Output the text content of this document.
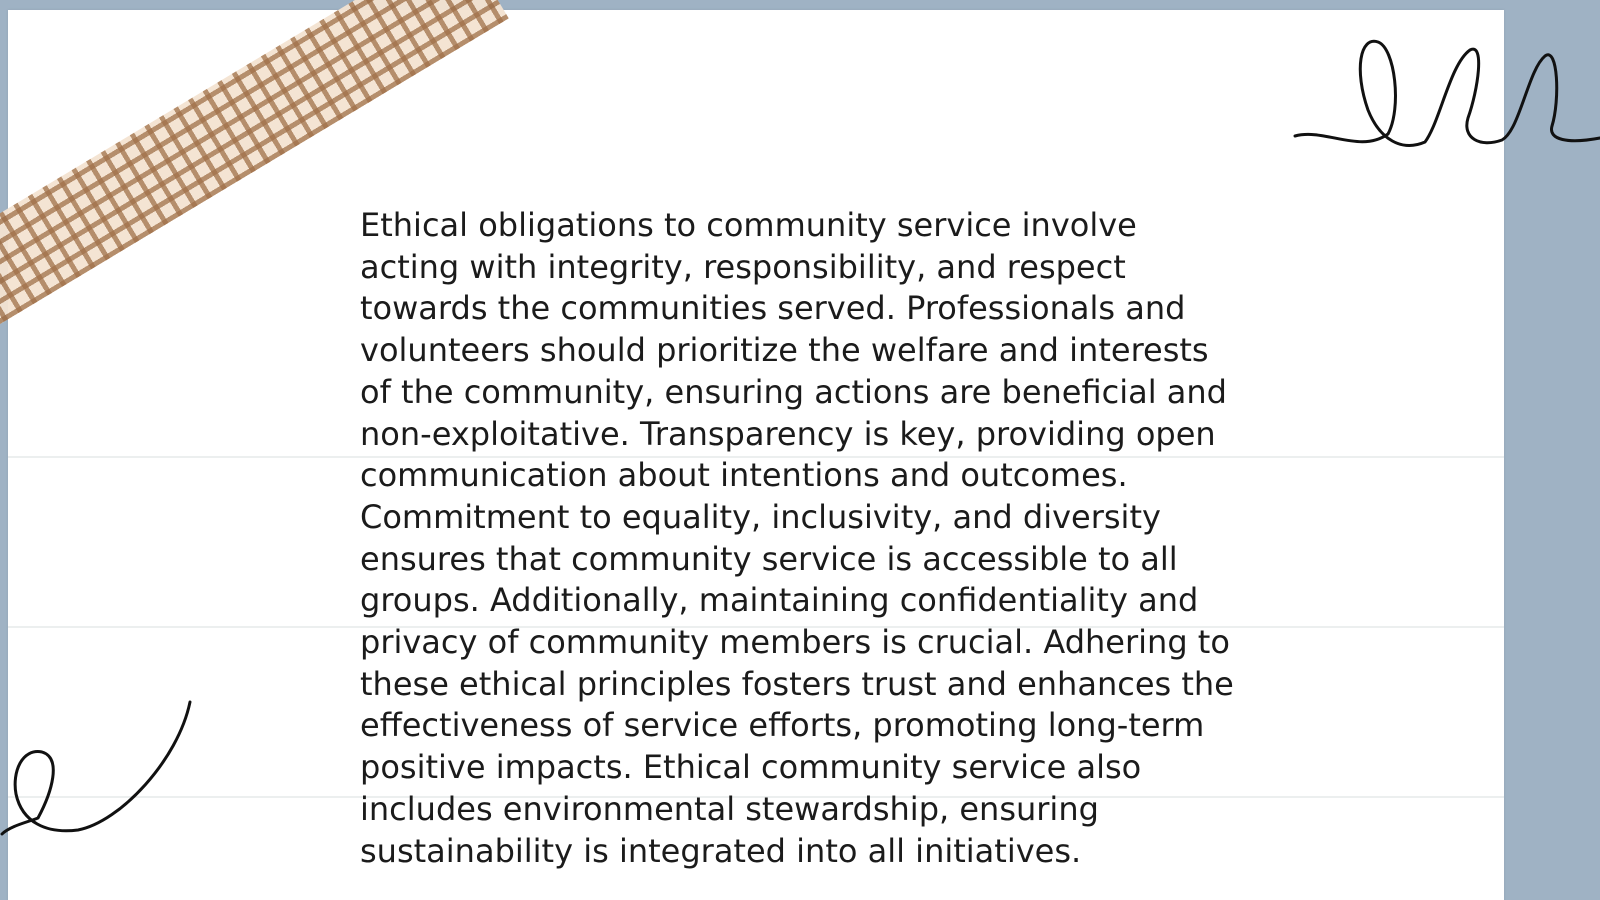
Ethical obligations to community service involve
acting with integrity, responsibility, and respect
towards the communities served. Professionals and
volunteers should prioritize the welfare and interests
of the community, ensuring actions are beneficial and
non-exploitative. Transparency is key, providing open
communication about intentions and outcomes.
Commitment to equality, inclusivity, and diversity
ensures that community service is accessible to all
groups. Additionally, maintaining confidentiality and
privacy of community members is crucial. Adhering to
these ethical principles fosters trust and enhances the
effectiveness of service efforts, promoting long-term
positive impacts. Ethical community service also
includes environmental stewardship, ensuring
sustainability is integrated into all initiatives.
